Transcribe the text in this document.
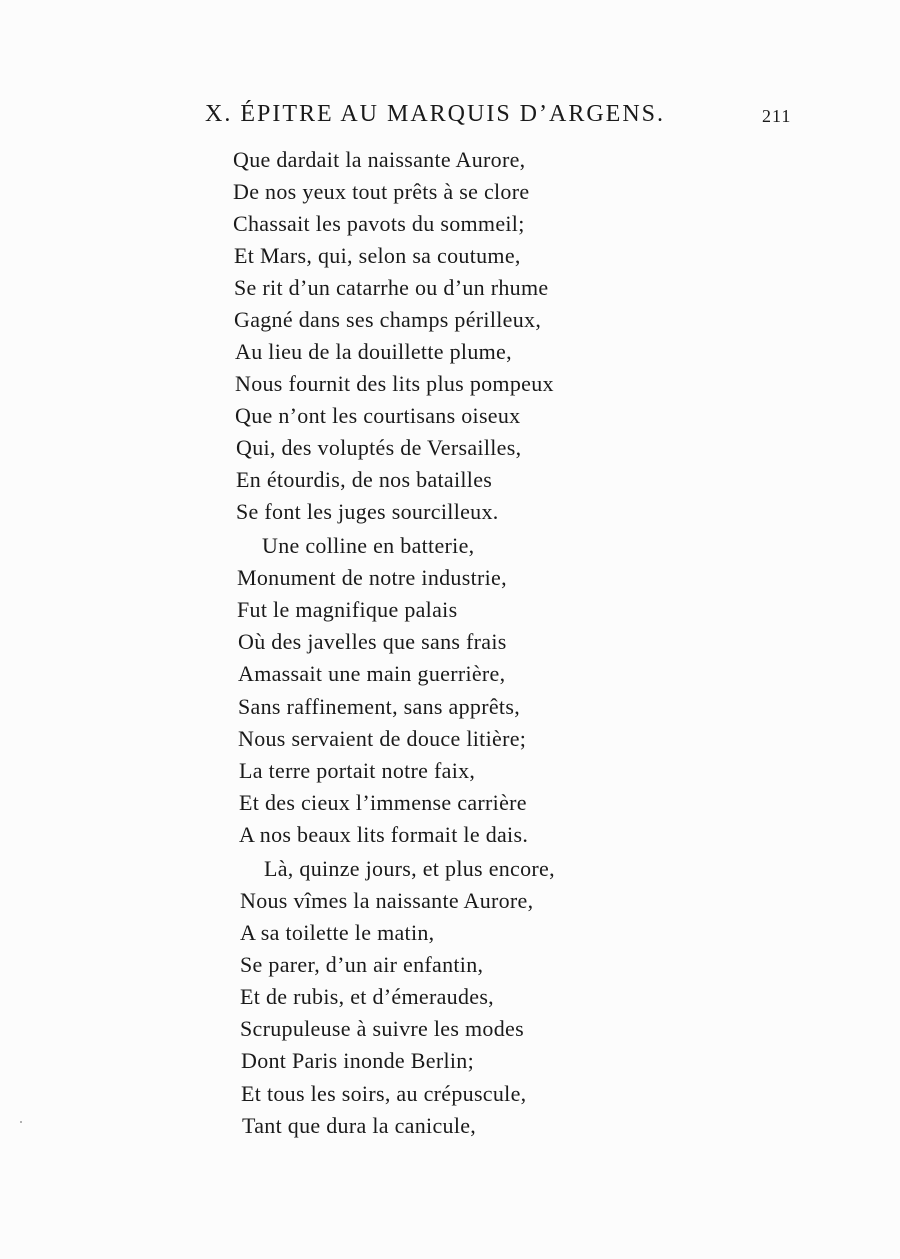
X. ÉPITRE AU MARQUIS D’ARGENS.	211
Que dardait la naissante Aurore,
De nos yeux tout prêts à se clore
Chassait les pavots du sommeil;
Et Mars, qui, selon sa coutume,
Se rit d’un catarrhe ou d’un rhume
Gagné dans ses champs périlleux,
Au lieu de la douillette plume,
Nous fournit des lits plus pompeux
Que n’ont les courtisans oiseux
Qui, des voluptés de Versailles,
En étourdis, de nos batailles
Se font les juges sourcilleux.
Une colline en batterie,
Monument de notre industrie,
Fut le magnifique palais
Où des javelles que sans frais
Amassait une main guerrière,
Sans raffinement, sans apprêts,
Nous servaient de douce litière;
La terre portait notre faix,
Et des cieux l’immense carrière
A nos beaux lits formait le dais.
Là, quinze jours, et plus encore,
Nous vîmes la naissante Aurore,
A sa toilette le matin,
Se parer, d’un air enfantin,
Et de rubis, et d’émeraudes,
Scrupuleuse à suivre les modes
Dont Paris inonde Berlin;
Et tous les soirs, au crépuscule,
Tant que dura la canicule,
